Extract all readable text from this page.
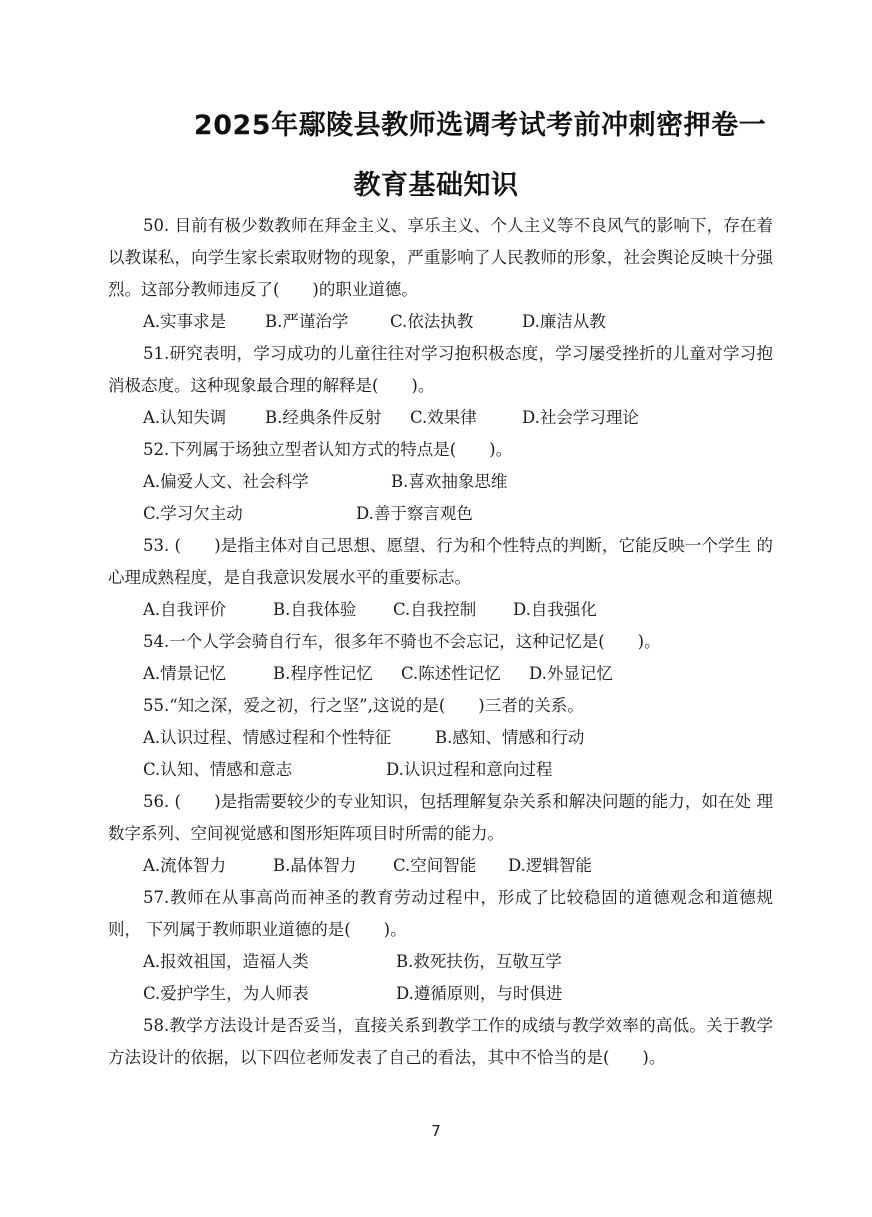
2025年鄢陵县教师选调考试考前冲刺密押卷一
教育基础知识

50. 目前有极少数教师在拜金主义、享乐主义、个人主义等不良风气的影响下，存在着 以教谋私，向学生家长索取财物的现象，严重影响了人民教师的形象，社会舆论反映十分强 烈。这部分教师违反了(　　)的职业道德。

A.实事求是 B.严谨治学	C.依法执教	D.廉洁从教

51.研究表明，学习成功的儿童往往对学习抱积极态度，学习屡受挫折的儿童对学习抱 消极态度。这种现象最合理的解释是(　　)。

A.认知失调 B.经典条件反射 C.效果律	D.社会学习理论

52.下列属于场独立型者认知方式的特点是(　　)。

A.偏爱人文、社会科学	B.喜欢抽象思维
C.学习欠主动	D.善于察言观色

53. (　　)是指主体对自己思想、愿望、行为和个性特点的判断，它能反映一个学生 的心理成熟程度，是自我意识发展水平的重要标志。

A.自我评价	B.自我体验 C.自我控制 D.自我强化

54.一个人学会骑自行车，很多年不骑也不会忘记，这种记忆是(　　)。

A.情景记忆	B.程序性记忆 C.陈述性记忆 D.外显记忆

55.“知之深，爱之初，行之坚”,这说的是(　　)三者的关系。

A.认识过程、情感过程和个性特征	B.感知、情感和行动
C.认知、情感和意志	D.认识过程和意向过程

56. (　　)是指需要较少的专业知识，包括理解复杂关系和解决问题的能力，如在处 理数字系列、空间视觉感和图形矩阵项目时所需的能力。

A.流体智力	B.晶体智力 C.空间智能 D.逻辑智能

57.教师在从事高尚而神圣的教育劳动过程中，形成了比较稳固的道德观念和道德规则， 下列属于教师职业道德的是(　　)。

A.报效祖国，造福人类	B.救死扶伤，互敬互学
C.爱护学生，为人师表	D.遵循原则，与时俱进

58.教学方法设计是否妥当，直接关系到教学工作的成绩与教学效率的高低。关于教学 方法设计的依据，以下四位老师发表了自己的看法，其中不恰当的是(　　)。

7
